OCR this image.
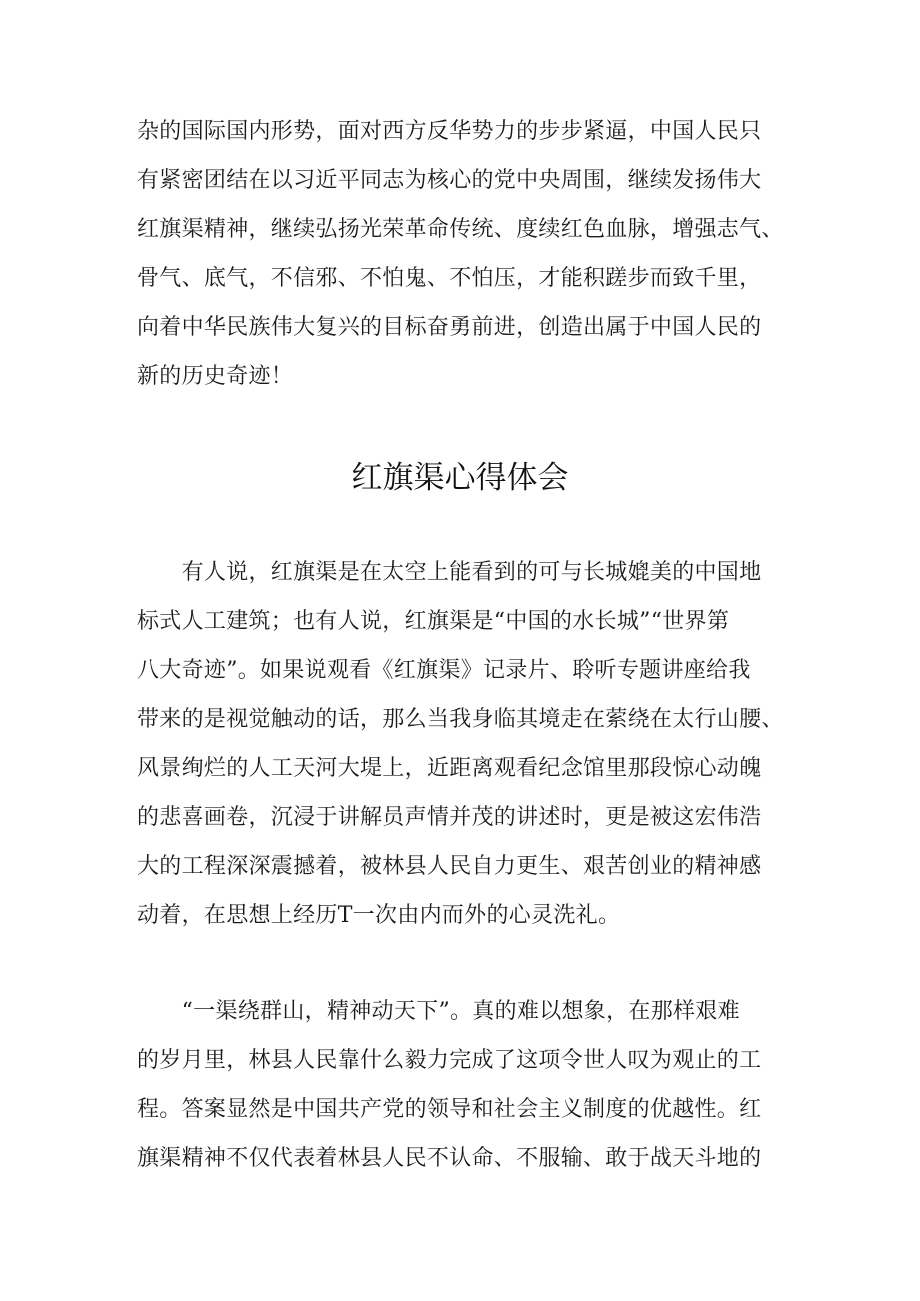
杂的国际国内形势，面对西方反华势力的步步紧逼，中国人民只
有紧密团结在以习近平同志为核心的党中央周围，继续发扬伟大
红旗渠精神，继续弘扬光荣革命传统、度续红色血脉，增强志气、
骨气、底气，不信邪、不怕鬼、不怕压，才能积蹉步而致千里，
向着中华民族伟大复兴的目标奋勇前进，创造出属于中国人民的
新的历史奇迹！
红旗渠心得体会
　　有人说，红旗渠是在太空上能看到的可与长城媲美的中国地
标式人工建筑；也有人说，红旗渠是“中国的水长城”“世界第
八大奇迹”。如果说观看《红旗渠》记录片、聆听专题讲座给我
带来的是视觉触动的话，那么当我身临其境走在萦绕在太行山腰、
风景绚烂的人工天河大堤上，近距离观看纪念馆里那段惊心动魄
的悲喜画卷，沉浸于讲解员声情并茂的讲述时，更是被这宏伟浩
大的工程深深震撼着，被林县人民自力更生、艰苦创业的精神感
动着，在思想上经历T一次由内而外的心灵洗礼。
　　“一渠绕群山，精神动天下”。真的难以想象，在那样艰难
的岁月里，林县人民靠什么毅力完成了这项令世人叹为观止的工
程。答案显然是中国共产党的领导和社会主义制度的优越性。红
旗渠精神不仅代表着林县人民不认命、不服输、敢于战天斗地的
